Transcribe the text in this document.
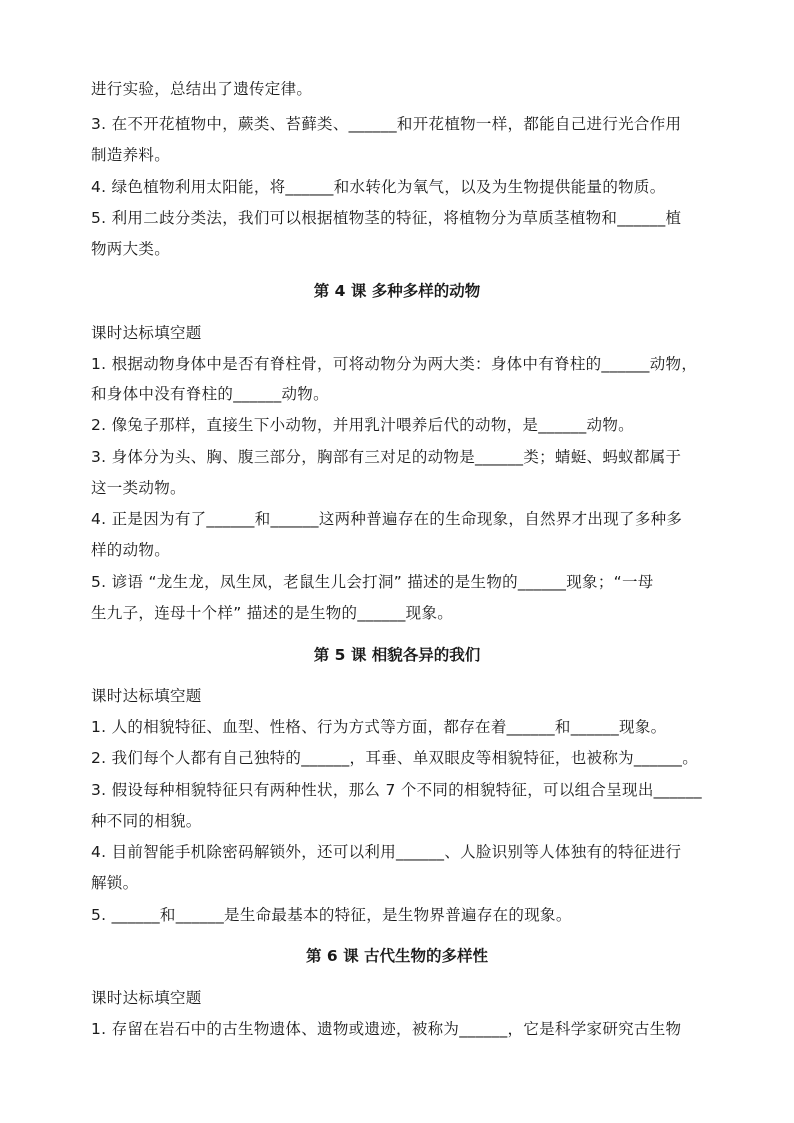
进行实验，总结出了遗传定律。
3. 在不开花植物中，蕨类、苔藓类、______和开花植物一样，都能自己进行光合作用
制造养料。
4. 绿色植物利用太阳能，将______和水转化为氧气，以及为生物提供能量的物质。
5. 利用二歧分类法，我们可以根据植物茎的特征，将植物分为草质茎植物和______植
物两大类。
第 4 课 多种多样的动物
课时达标填空题
1. 根据动物身体中是否有脊柱骨，可将动物分为两大类：身体中有脊柱的______动物，
和身体中没有脊柱的______动物。
2. 像兔子那样，直接生下小动物，并用乳汁喂养后代的动物，是______动物。
3. 身体分为头、胸、腹三部分，胸部有三对足的动物是______类；蜻蜓、蚂蚁都属于
这一类动物。
4. 正是因为有了______和______这两种普遍存在的生命现象，自然界才出现了多种多
样的动物。
5. 谚语 “龙生龙，凤生凤，老鼠生儿会打洞” 描述的是生物的______现象；“一母
生九子，连母十个样” 描述的是生物的______现象。
第 5 课 相貌各异的我们
课时达标填空题
1. 人的相貌特征、血型、性格、行为方式等方面，都存在着______和______现象。
2. 我们每个人都有自己独特的______，耳垂、单双眼皮等相貌特征，也被称为______。
3. 假设每种相貌特征只有两种性状，那么 7 个不同的相貌特征，可以组合呈现出______
种不同的相貌。
4. 目前智能手机除密码解锁外，还可以利用______、人脸识别等人体独有的特征进行
解锁。
5. ______和______是生命最基本的特征，是生物界普遍存在的现象。
第 6 课 古代生物的多样性
课时达标填空题
1. 存留在岩石中的古生物遗体、遗物或遗迹，被称为______，它是科学家研究古生物
